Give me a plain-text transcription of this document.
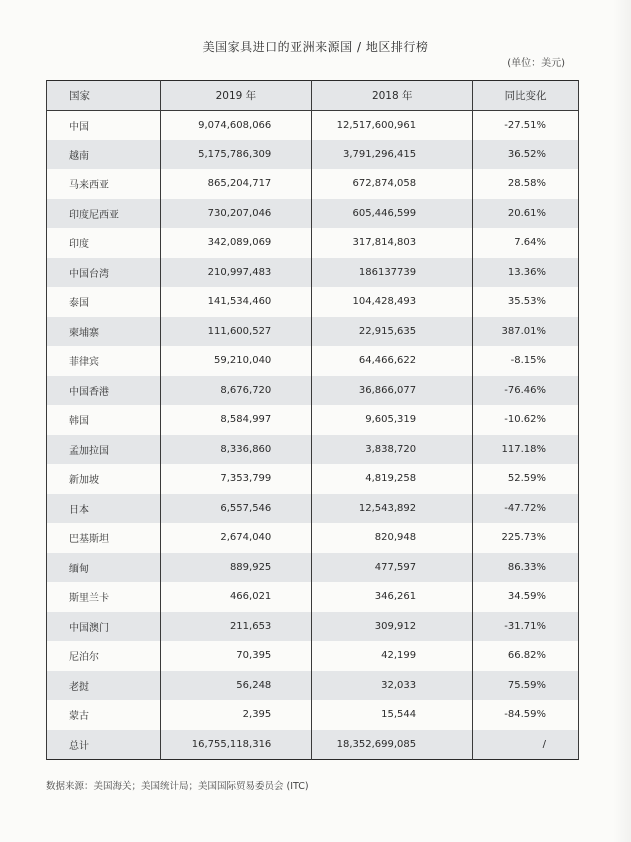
美国家具进口的亚洲来源国 / 地区排行榜
(单位：美元)
国家	2019 年	2018 年	同比变化
中国	9,074,608,066	12,517,600,961	-27.51%
越南	5,175,786,309	3,791,296,415	36.52%
马来西亚	865,204,717	672,874,058	28.58%
印度尼西亚	730,207,046	605,446,599	20.61%
印度	342,089,069	317,814,803	7.64%
中国台湾	210,997,483	186137739	13.36%
泰国	141,534,460	104,428,493	35.53%
柬埔寨	111,600,527	22,915,635	387.01%
菲律宾	59,210,040	64,466,622	-8.15%
中国香港	8,676,720	36,866,077	-76.46%
韩国	8,584,997	9,605,319	-10.62%
孟加拉国	8,336,860	3,838,720	117.18%
新加坡	7,353,799	4,819,258	52.59%
日本	6,557,546	12,543,892	-47.72%
巴基斯坦	2,674,040	820,948	225.73%
缅甸	889,925	477,597	86.33%
斯里兰卡	466,021	346,261	34.59%
中国澳门	211,653	309,912	-31.71%
尼泊尔	70,395	42,199	66.82%
老挝	56,248	32,033	75.59%
蒙古	2,395	15,544	-84.59%
总计	16,755,118,316	18,352,699,085	/
数据来源：美国海关；美国统计局；美国国际贸易委员会 (ITC)
